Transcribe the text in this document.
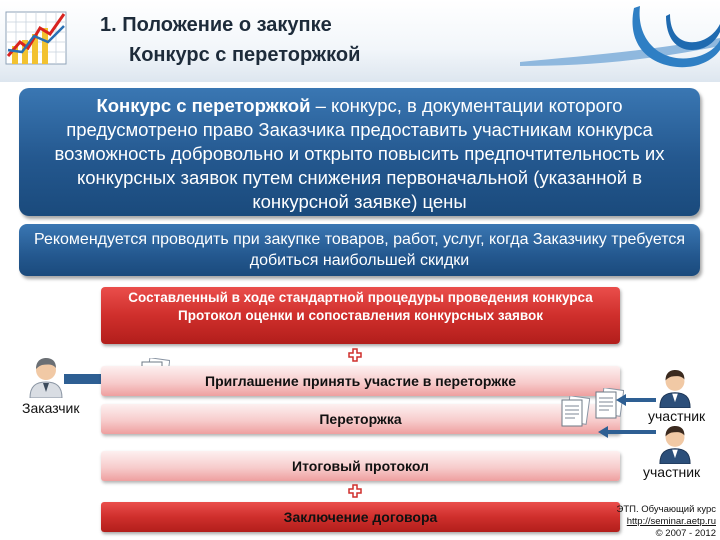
1. Положение о закупке
Конкурс с переторжкой
Конкурс с переторжкой – конкурс, в документации которого предусмотрено право Заказчика предоставить участникам конкурса возможность добровольно и открыто повысить предпочтительность их конкурсных заявок путем снижения первоначальной (указанной в конкурсной заявке) цены
Рекомендуется проводить при закупке товаров, работ, услуг, когда Заказчику требуется добиться наибольшей скидки
Составленный в ходе стандартной процедуры проведения конкурса Протокол оценки и сопоставления конкурсных заявок
Заказчик
Приглашение принять участие в переторжке
Переторжка	участник
участник
Итоговый протокол
Заключение договора	ЭТП. Обучающий курс
http://seminar.aetp.ru
© 2007 - 2012
